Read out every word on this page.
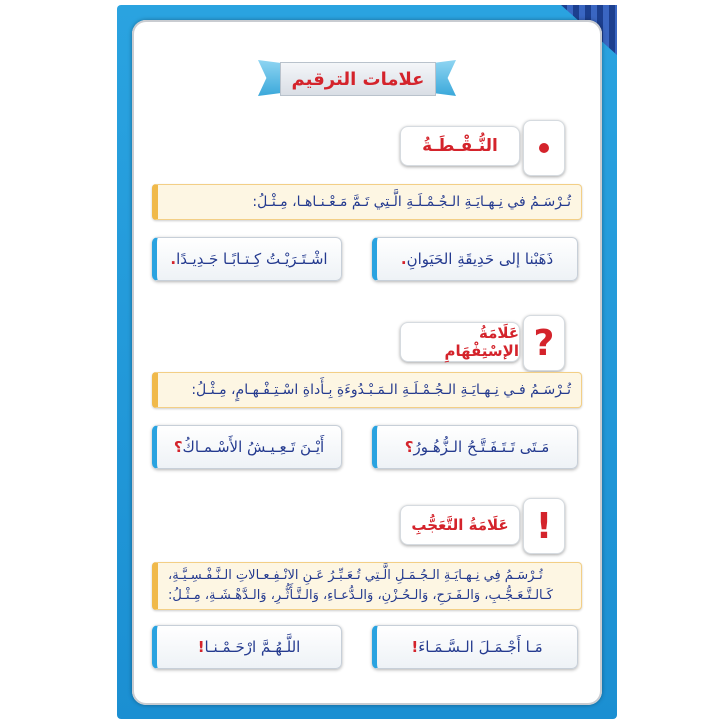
علامات الترقيم
النُّـقْـطَـةُ
تُـرْسَـمُ في نِـهـايَـةِ الـجُـمْـلَـةِ الَّـتِي تَـمَّ مَـعْـنـاهـا، مِـثْـلُ:
ذَهَبْنا إلى حَدِيقَةِ الحَيَوانِ
.
اشْـتَـرَيْـتُ كِـتـابًـا جَـدِيـدًا
.
عَلَامَةُ الإسْتِفْهَامِ ?
تُـرْسَـمُ فـي نِـهـايَـةِ الـجُـمْـلَـةِ الـمَـبْـدُوءَةِ بِـأَداةِ اسْـتِـفْـهـامٍ، مِـثْـلُ:
مَـتَى تَـتَـفَـتَّـحُ الـزُّهُـورُ
؟
أَيْـنَ تَـعِـيـشُ الأَسْـمـاكُ
؟
عَلَامَةُ التَّعَجُّبِ !
تُـرْسَـمُ فِي نِـهـايَـةِ الـجُـمَـلِ الَّـتِي تُـعَـبِّـرُ عَـنِ الانْـفِـعـالاتِ الـنَّـفْـسِـيَّـةِ،
كَـالـتَّـعَـجُّـبِ، وَالـفَـرَحِ، وَالـحُـزْنِ، وَالـدُّعـاءِ، وَالـتَّـأَثُّـرِ، وَالـدَّهْـشَـةِ، مِـثْـلُ:
مَـا أَجْـمَـلَ الـسَّـمَـاءَ
!
اللَّـهُـمَّ ارْحَـمْـنـا
!
